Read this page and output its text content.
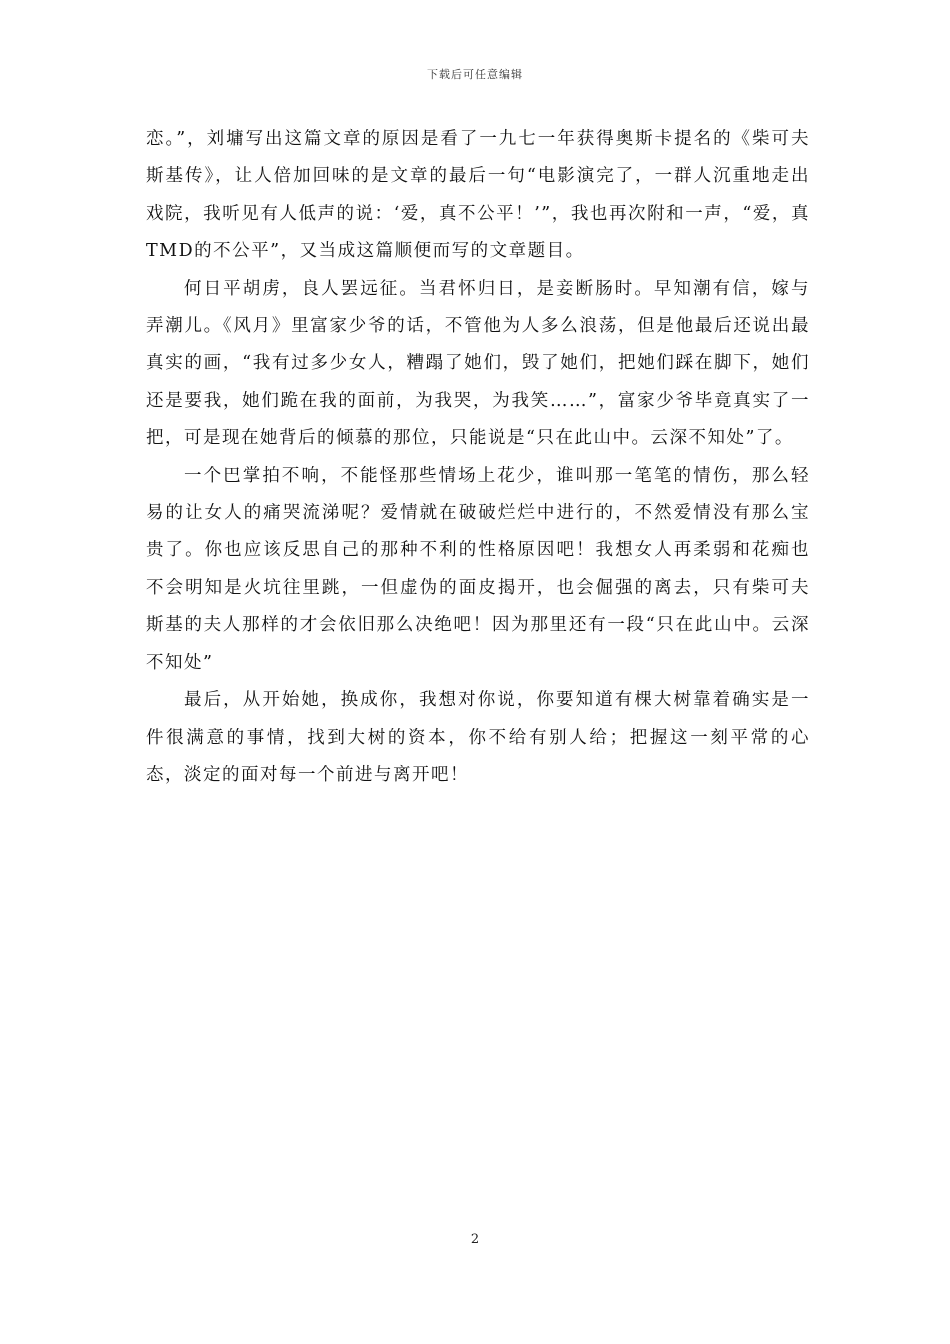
下载后可任意编辑

恋。”，刘墉写出这篇文章的原因是看了一九七一年获得奥斯卡提名的《柴可夫斯基传》，让人倍加回味的是文章的最后一句“电影演完了，一群人沉重地走出戏院，我听见有人低声的说：‘爱，真不公平！’”，我也再次附和一声，“爱，真TMD的不公平”，又当成这篇顺便而写的文章题目。

何日平胡虏，良人罢远征。当君怀归日，是妾断肠时。早知潮有信，嫁与弄潮儿。《风月》里富家少爷的话，不管他为人多么浪荡，但是他最后还说出最真实的画，“我有过多少女人，糟蹋了她们，毁了她们，把她们踩在脚下，她们还是要我，她们跪在我的面前，为我哭，为我笑……”，富家少爷毕竟真实了一把，可是现在她背后的倾慕的那位，只能说是“只在此山中。云深不知处”了。

一个巴掌拍不响，不能怪那些情场上花少，谁叫那一笔笔的情伤，那么轻易的让女人的痛哭流涕呢？爱情就在破破烂烂中进行的，不然爱情没有那么宝贵了。你也应该反思自己的那种不利的性格原因吧！我想女人再柔弱和花痴也不会明知是火坑往里跳，一但虚伪的面皮揭开，也会倔强的离去，只有柴可夫斯基的夫人那样的才会依旧那么决绝吧！因为那里还有一段“只在此山中。云深不知处”

最后，从开始她，换成你，我想对你说，你要知道有棵大树靠着确实是一件很满意的事情，找到大树的资本，你不给有别人给；把握这一刻平常的心态，淡定的面对每一个前进与离开吧！

2
